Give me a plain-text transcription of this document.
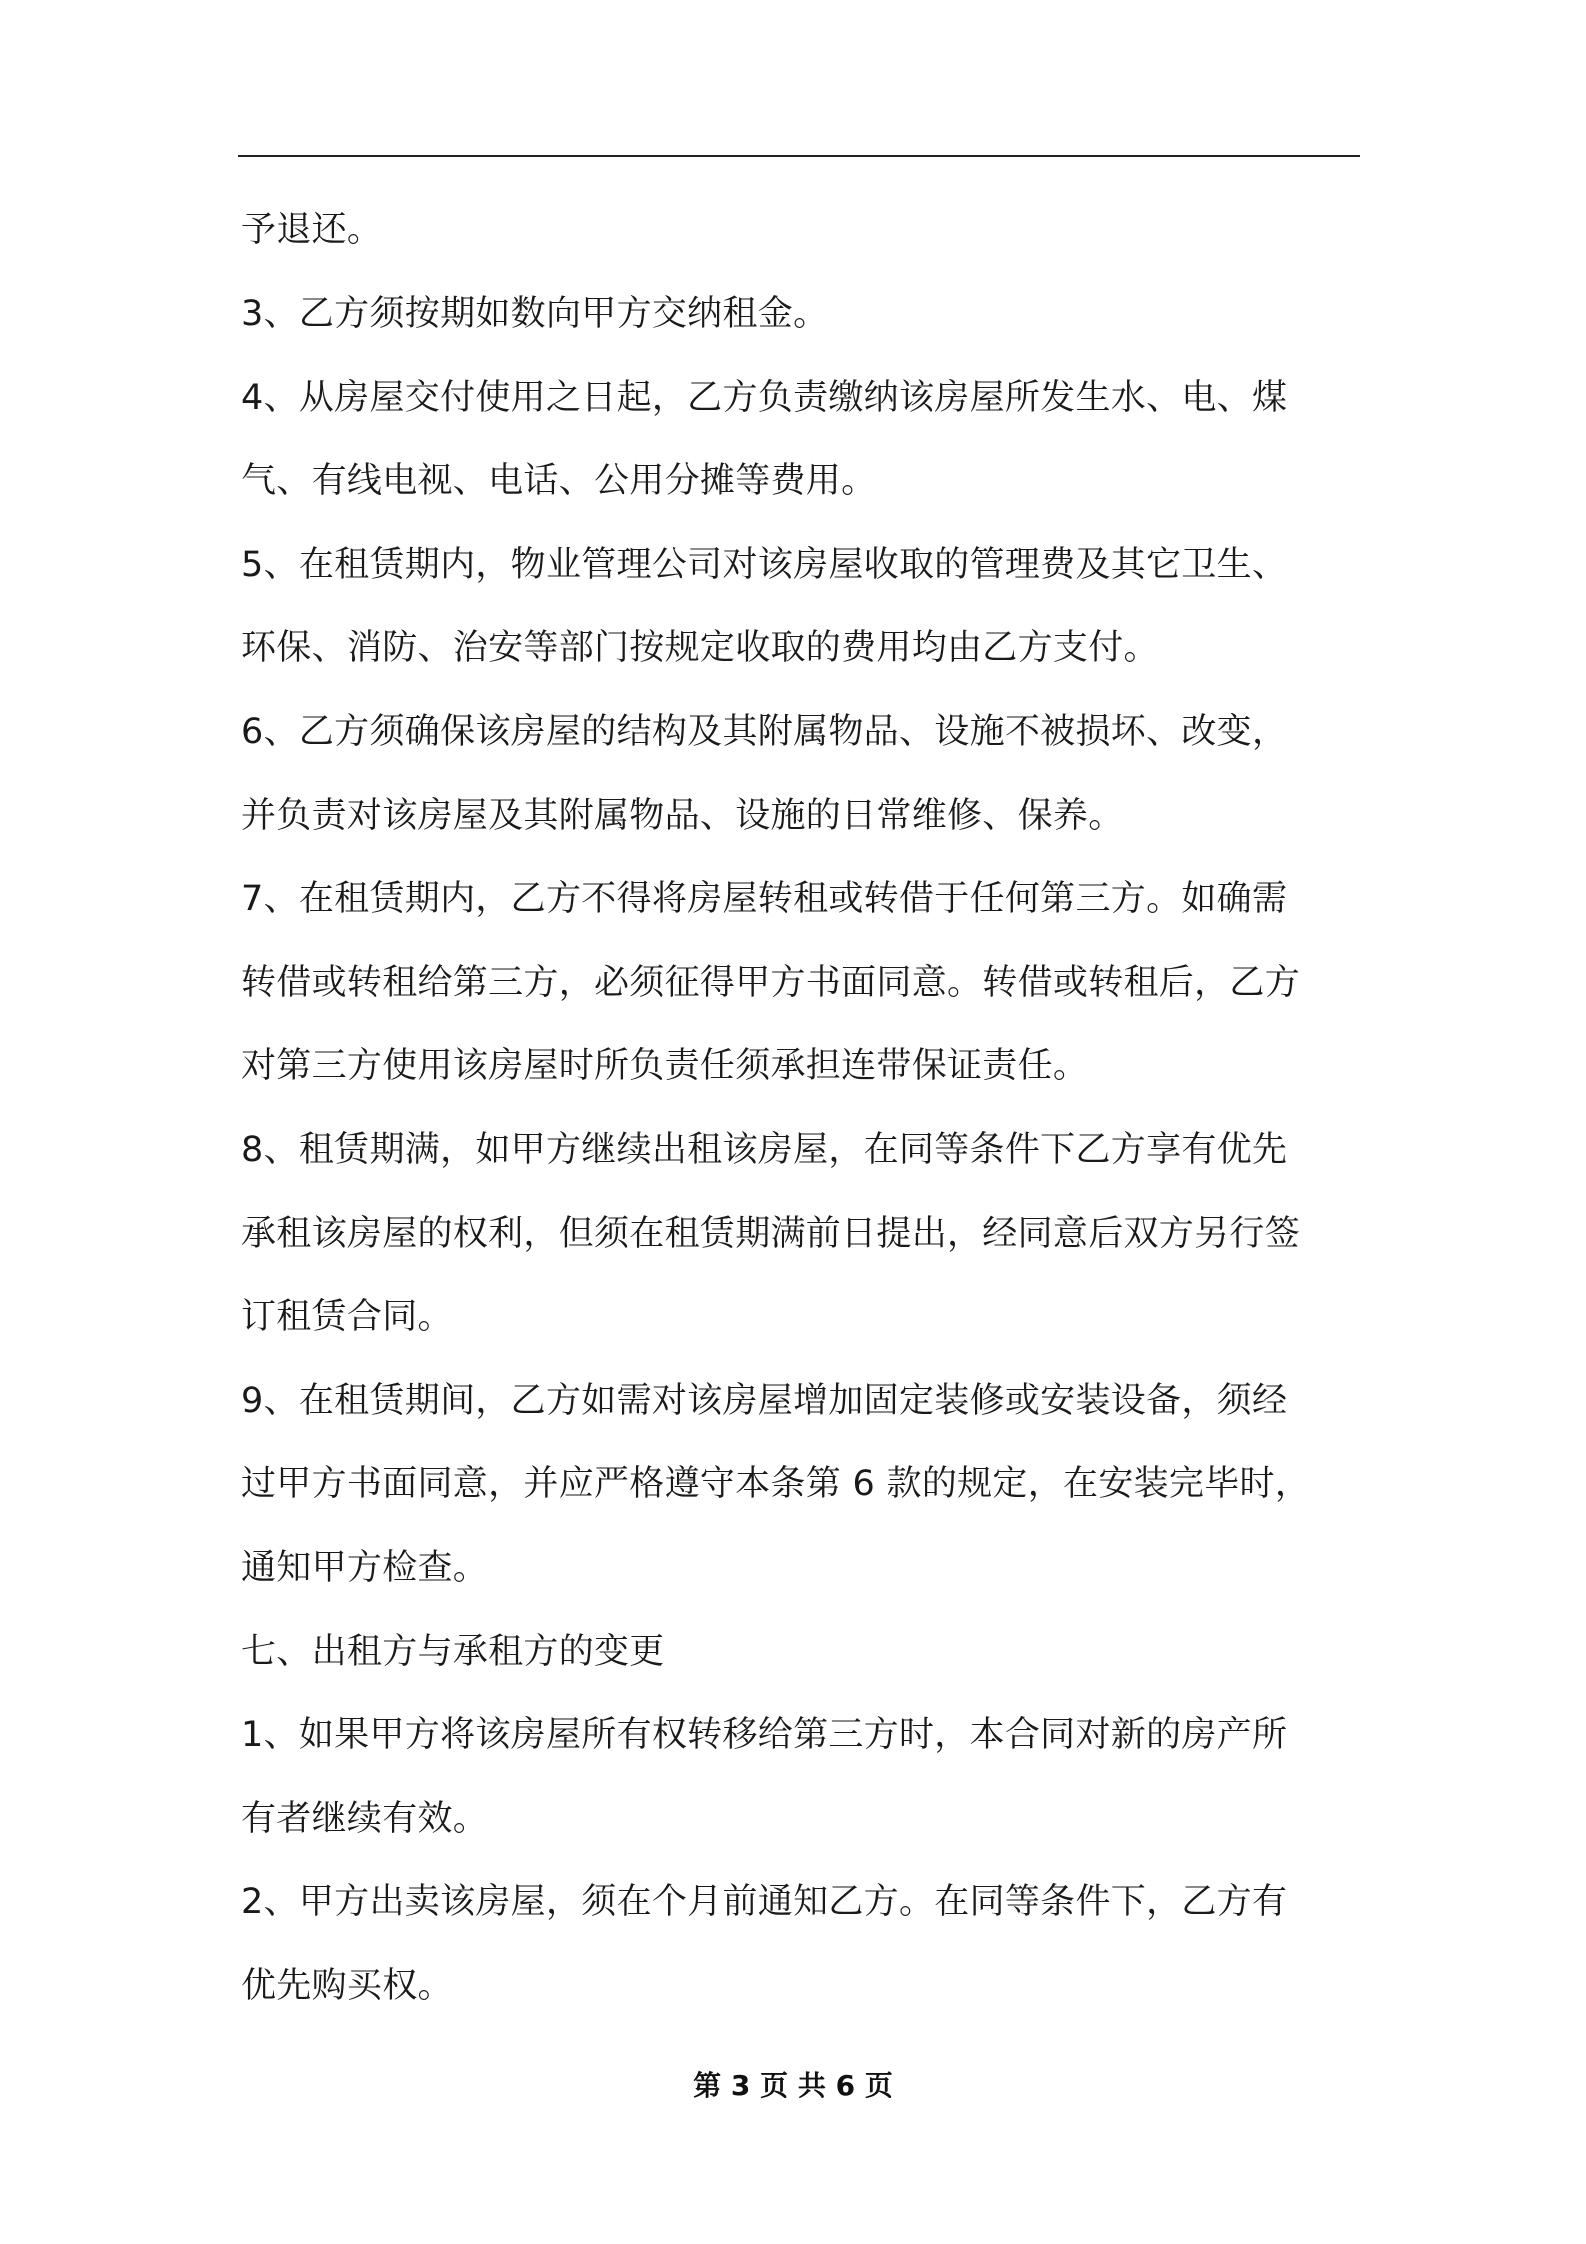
予退还。
3、乙方须按期如数向甲方交纳租金。
4、从房屋交付使用之日起，乙方负责缴纳该房屋所发生水、电、煤
气、有线电视、电话、公用分摊等费用。
5、在租赁期内，物业管理公司对该房屋收取的管理费及其它卫生、
环保、消防、治安等部门按规定收取的费用均由乙方支付。
6、乙方须确保该房屋的结构及其附属物品、设施不被损坏、改变，
并负责对该房屋及其附属物品、设施的日常维修、保养。
7、在租赁期内，乙方不得将房屋转租或转借于任何第三方。如确需
转借或转租给第三方，必须征得甲方书面同意。转借或转租后，乙方
对第三方使用该房屋时所负责任须承担连带保证责任。
8、租赁期满，如甲方继续出租该房屋，在同等条件下乙方享有优先
承租该房屋的权利，但须在租赁期满前日提出，经同意后双方另行签
订租赁合同。
9、在租赁期间，乙方如需对该房屋增加固定装修或安装设备，须经
过甲方书面同意，并应严格遵守本条第 6 款的规定，在安装完毕时，
通知甲方检查。
七、出租方与承租方的变更
1、如果甲方将该房屋所有权转移给第三方时，本合同对新的房产所
有者继续有效。
2、甲方出卖该房屋，须在个月前通知乙方。在同等条件下，乙方有
优先购买权。
第 3 页 共 6 页
